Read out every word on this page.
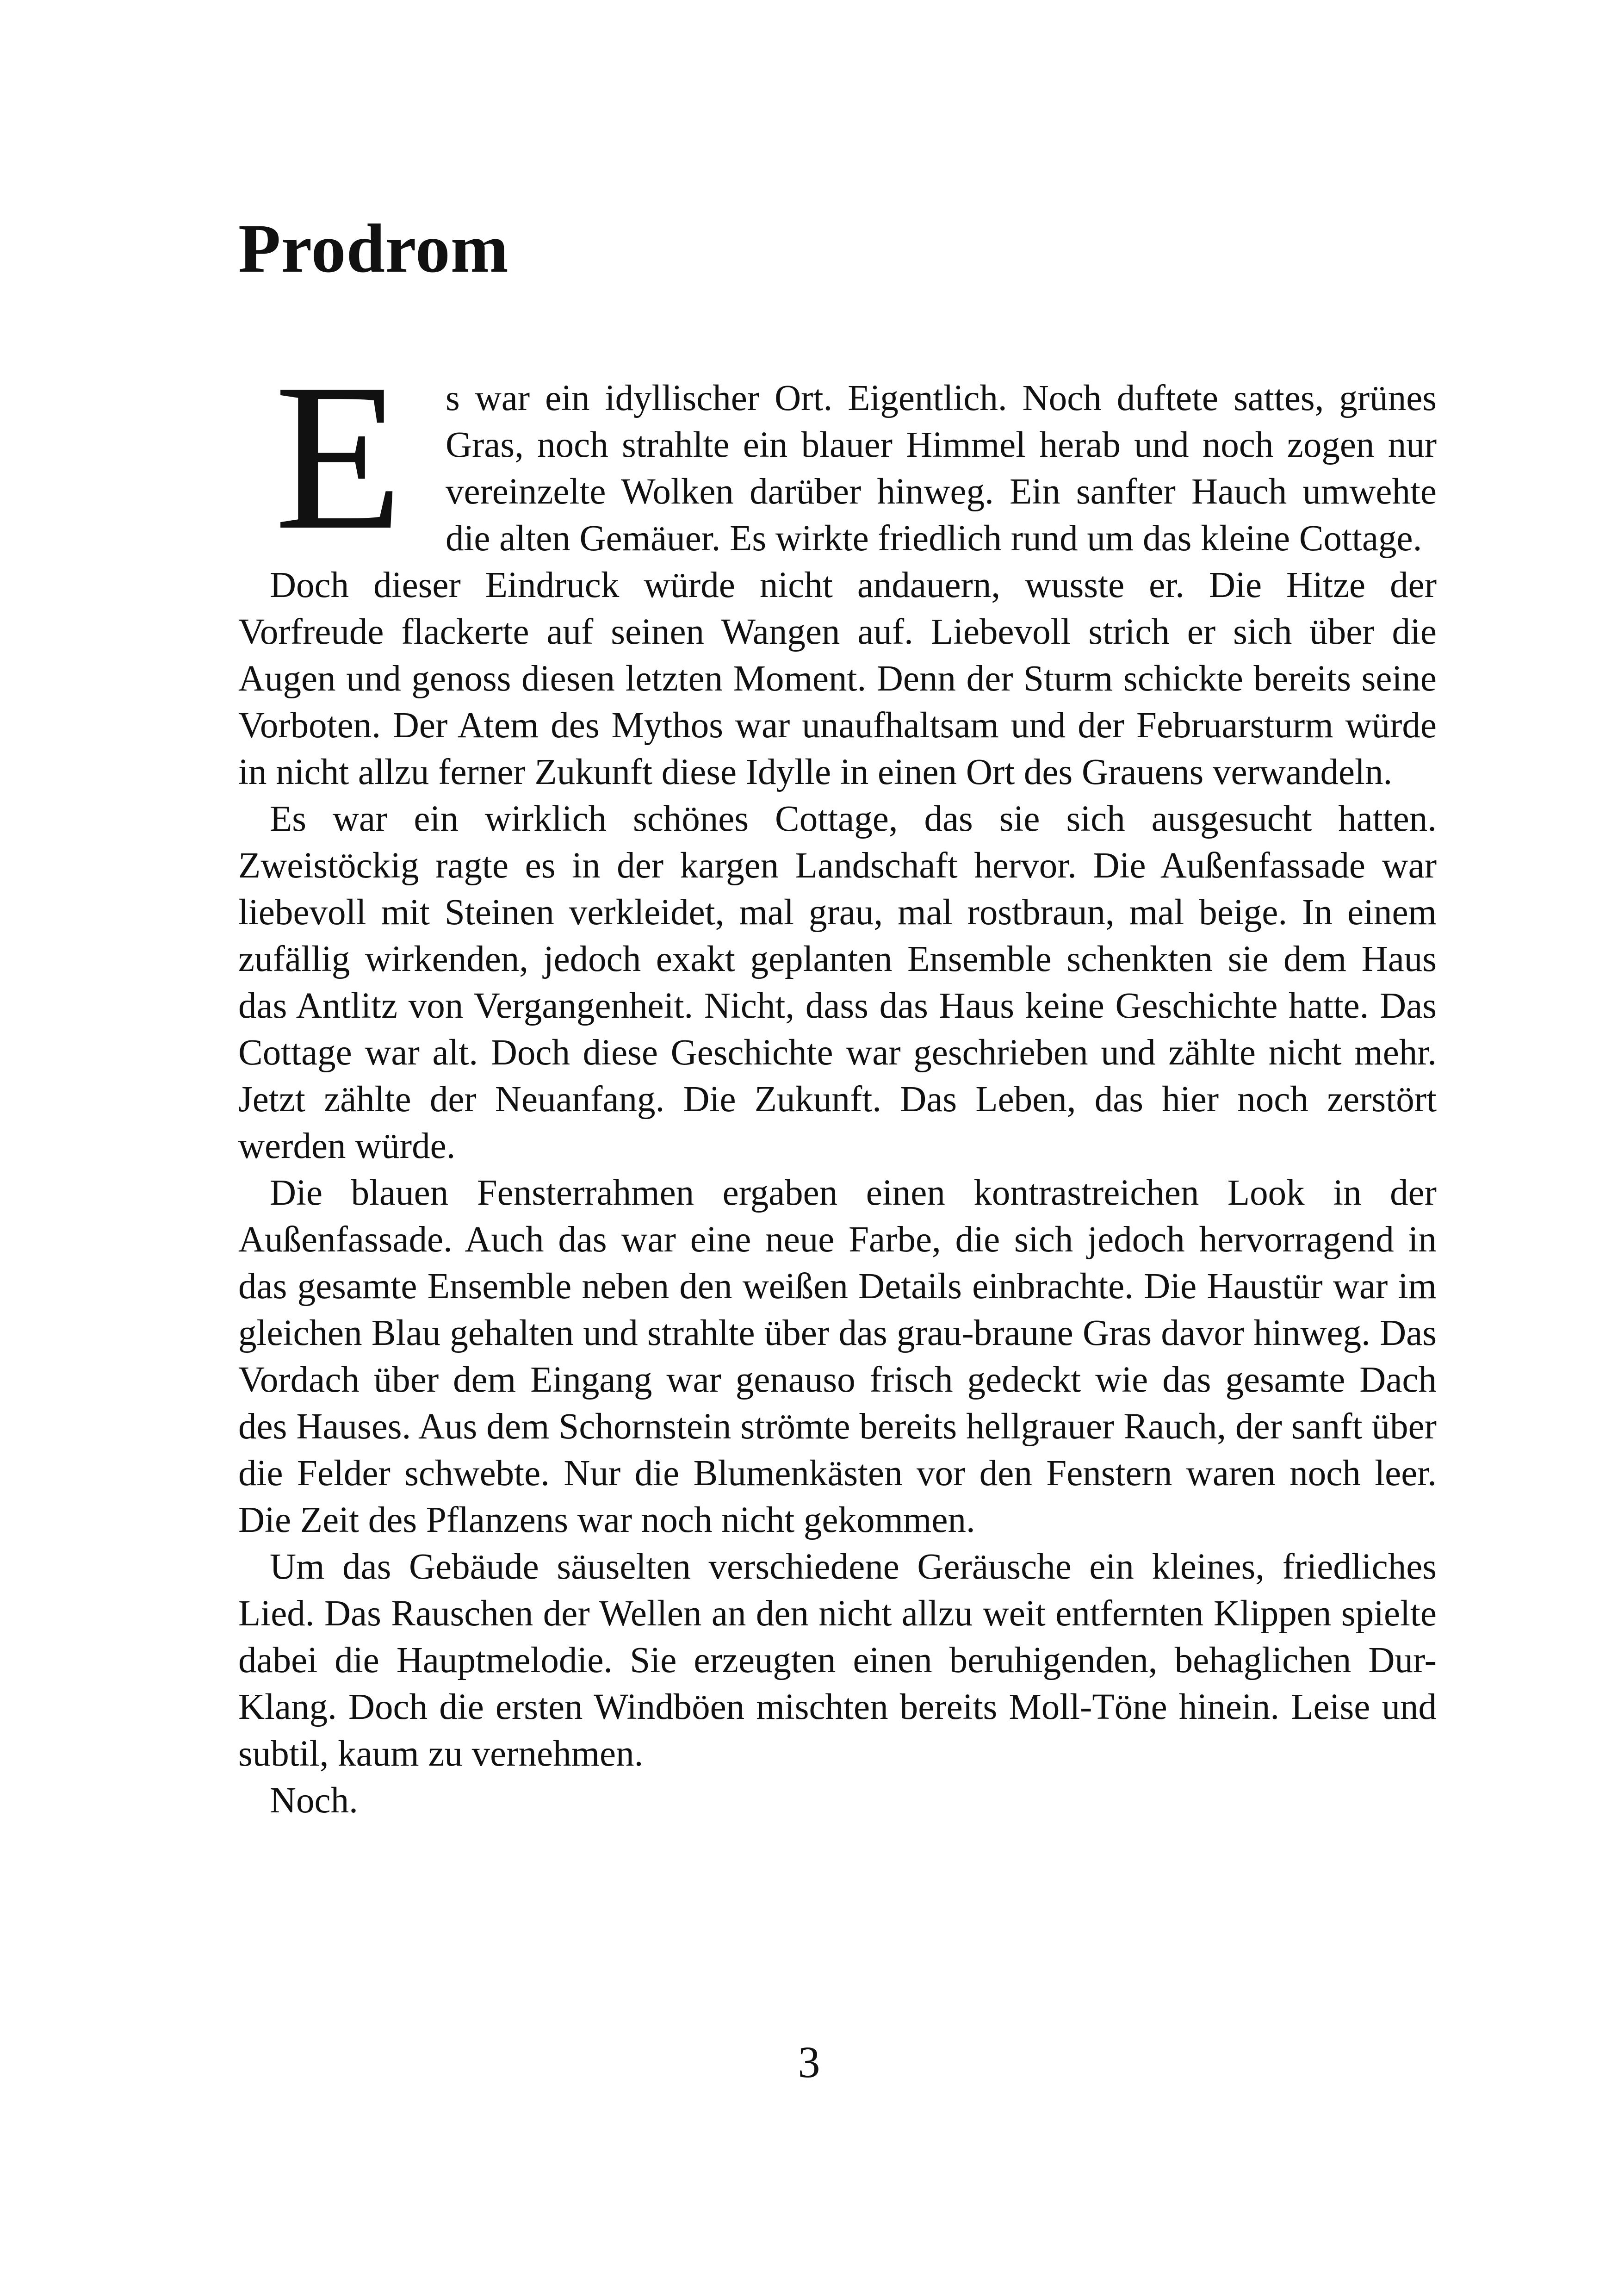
Prodrom

E s war ein idyllischer Ort. Eigentlich. Noch duftete sattes, grünes Gras, noch strahlte ein blauer Himmel herab und noch zogen nur vereinzelte Wolken darüber hinweg. Ein sanfter Hauch umwehte die alten Gemäuer. Es wirkte friedlich rund um das kleine Cottage.

Doch dieser Eindruck würde nicht andauern, wusste er. Die Hitze der Vorfreude flackerte auf seinen Wangen auf. Liebevoll strich er sich über die Augen und genoss diesen letzten Moment. Denn der Sturm schickte bereits seine Vorboten. Der Atem des Mythos war unaufhaltsam und der Februarsturm würde in nicht allzu ferner Zukunft diese Idylle in einen Ort des Grauens verwandeln.

Es war ein wirklich schönes Cottage, das sie sich ausgesucht hatten. Zweistöckig ragte es in der kargen Landschaft hervor. Die Außenfassade war liebevoll mit Steinen verkleidet, mal grau, mal rostbraun, mal beige. In einem zufällig wirkenden, jedoch exakt geplanten Ensemble schenkten sie dem Haus das Antlitz von Vergangenheit. Nicht, dass das Haus keine Geschichte hatte. Das Cottage war alt. Doch diese Geschichte war geschrieben und zählte nicht mehr. Jetzt zählte der Neuanfang. Die Zukunft. Das Leben, das hier noch zerstört werden würde.

Die blauen Fensterrahmen ergaben einen kontrastreichen Look in der Außenfassade. Auch das war eine neue Farbe, die sich jedoch hervorragend in das gesamte Ensemble neben den weißen Details einbrachte. Die Haustür war im gleichen Blau gehalten und strahlte über das grau-braune Gras davor hinweg. Das Vordach über dem Eingang war genauso frisch gedeckt wie das gesamte Dach des Hauses. Aus dem Schornstein strömte bereits hellgrauer Rauch, der sanft über die Felder schwebte. Nur die Blumenkästen vor den Fenstern waren noch leer. Die Zeit des Pflanzens war noch nicht gekommen.

Um das Gebäude säuselten verschiedene Geräusche ein kleines, friedliches Lied. Das Rauschen der Wellen an den nicht allzu weit entfernten Klippen spielte dabei die Hauptmelodie. Sie erzeugten einen beruhigenden, behaglichen Dur-Klang. Doch die ersten Windböen mischten bereits Moll-Töne hinein. Leise und subtil, kaum zu vernehmen.

Noch.

3
